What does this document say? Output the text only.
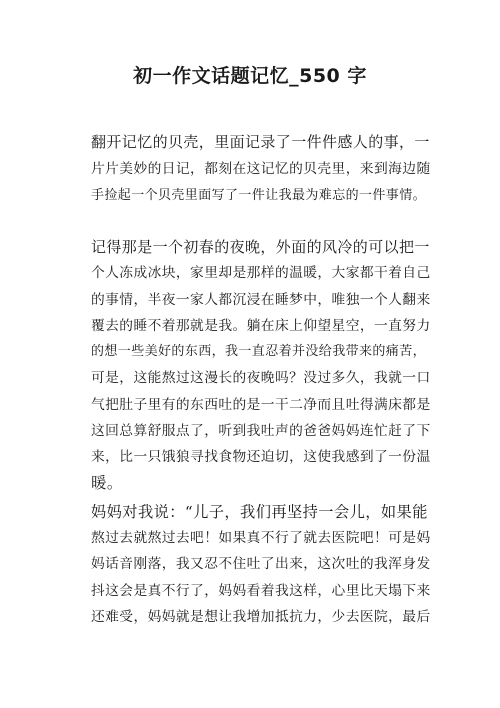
初一作文话题记忆_550 字
翻开记忆的贝壳，里面记录了一件件感人的事，一
片片美妙的日记，都刻在这记忆的贝壳里，来到海边随
手捡起一个贝壳里面写了一件让我最为难忘的一件事情。
记得那是一个初春的夜晚，外面的风冷的可以把一
个人冻成冰块，家里却是那样的温暖，大家都干着自己
的事情，半夜一家人都沉浸在睡梦中，唯独一个人翻来
覆去的睡不着那就是我。躺在床上仰望星空，一直努力
的想一些美好的东西，我一直忍着并没给我带来的痛苦，
可是，这能熬过这漫长的夜晚吗？没过多久，我就一口
气把肚子里有的东西吐的是一干二净而且吐得满床都是
这回总算舒服点了，听到我吐声的爸爸妈妈连忙赶了下
来，比一只饿狼寻找食物还迫切，这使我感到了一份温
暖。
妈妈对我说：“儿子，我们再坚持一会儿，如果能
熬过去就熬过去吧！如果真不行了就去医院吧！可是妈
妈话音刚落，我又忍不住吐了出来，这次吐的我浑身发
抖这会是真不行了，妈妈看着我这样，心里比天塌下来
还难受，妈妈就是想让我增加抵抗力，少去医院，最后
